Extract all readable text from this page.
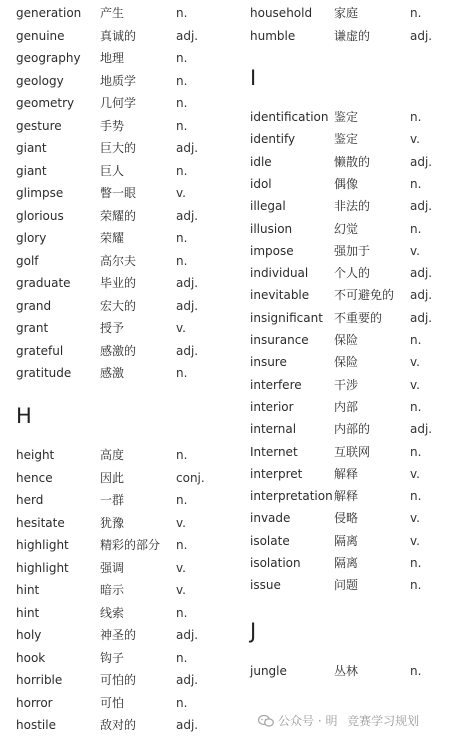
generation 产生	n.
genuine	真诚的	adj.
geography 地理	n.
geology	地质学	n.
geometry 几何学	n.
gesture	手势	n.
giant	巨大的	adj.
giant	巨人	n.
glimpse	瞥一眼	v.
glorious	荣耀的	adj.
glory	荣耀	n.
golf	高尔夫	n.
graduate 毕业的	adj.
grand	宏大的	adj.
grant	授予	v.
grateful	感激的	adj.
gratitude 感激	n.
H
height	高度	n.
hence	因此	conj.
herd	一群	n.
hesitate	犹豫	v.
highlight	精彩的部分 n.
highlight	强调	v.
hint	暗示	v.
hint	线索	n.
holy	神圣的	adj.
hook	钩子	n.
horrible	可怕的	adj.
horror	可怕	n.
hostile	敌对的	adj.
household 家庭	n.
humble	谦虚的	adj.
I
identification 鉴定	n.
identify	鉴定	v.
idle	懒散的	adj.
idol	偶像	n.
illegal	非法的	adj.
illusion	幻觉	n.
impose	强加于	v.
individual 个人的	adj.
inevitable 不可避免的 adj.
insignificant 不重要的 adj.
insurance 保险	n.
insure	保险	v.
interfere	干涉	v.
interior	内部	n.
internal	内部的	adj.
Internet	互联网	n.
interpret	解释	v.
interpretation 解释	n.
invade	侵略	v.
isolate	隔离	v.
isolation	隔离	n.
issue	问题	n.
J
jungle	丛林	n.
公众号 · 明   竞赛学习规划
